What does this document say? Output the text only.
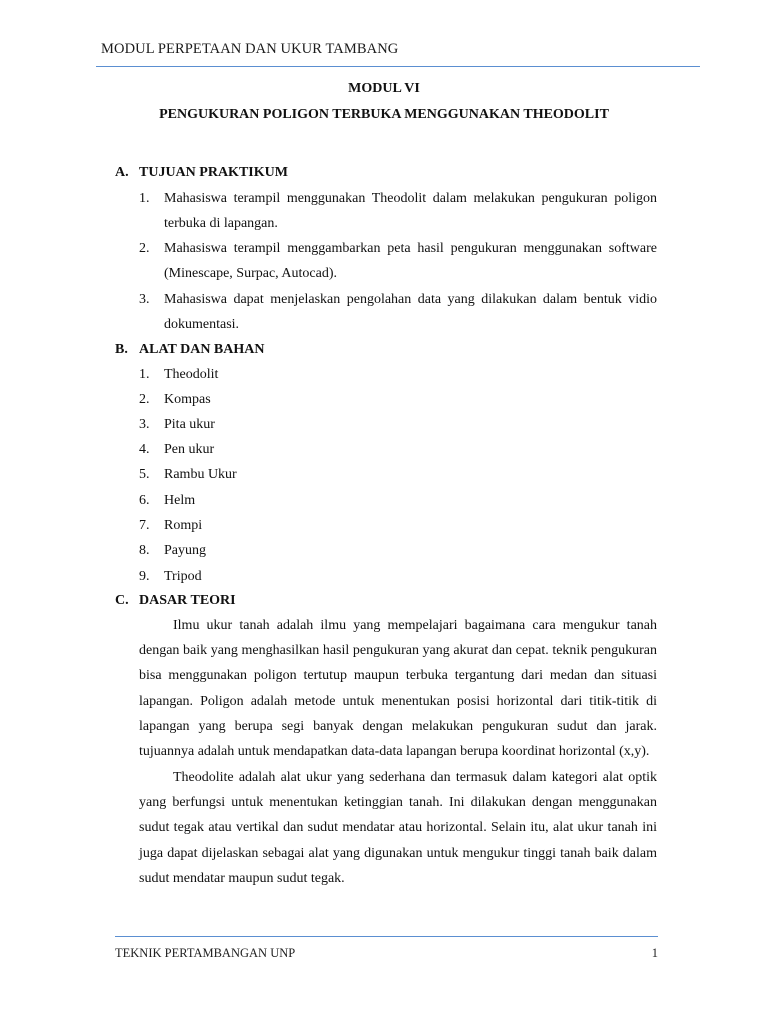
MODUL PERPETAAN DAN UKUR TAMBANG
MODUL VI
PENGUKURAN POLIGON TERBUKA MENGGUNAKAN THEODOLIT
A. TUJUAN PRAKTIKUM
1. Mahasiswa terampil menggunakan Theodolit dalam melakukan pengukuran poligon terbuka di lapangan.
2. Mahasiswa terampil menggambarkan peta hasil pengukuran menggunakan software (Minescape, Surpac, Autocad).
3. Mahasiswa dapat menjelaskan pengolahan data yang dilakukan dalam bentuk vidio dokumentasi.
B. ALAT DAN BAHAN
1. Theodolit
2. Kompas
3. Pita ukur
4. Pen ukur
5. Rambu Ukur
6. Helm
7. Rompi
8. Payung
9. Tripod
C. DASAR TEORI

Ilmu ukur tanah adalah ilmu yang mempelajari bagaimana cara mengukur tanah dengan baik yang menghasilkan hasil pengukuran yang akurat dan cepat. teknik pengukuran bisa menggunakan poligon tertutup maupun terbuka tergantung dari medan dan situasi lapangan. Poligon adalah metode untuk menentukan posisi horizontal dari titik-titik di lapangan yang berupa segi banyak dengan melakukan pengukuran sudut dan jarak. tujuannya adalah untuk mendapatkan data-data lapangan berupa koordinat horizontal (x,y).

Theodolite adalah alat ukur yang sederhana dan termasuk dalam kategori alat optik yang berfungsi untuk menentukan ketinggian tanah. Ini dilakukan dengan menggunakan sudut tegak atau vertikal dan sudut mendatar atau horizontal. Selain itu, alat ukur tanah ini juga dapat dijelaskan sebagai alat yang digunakan untuk mengukur tinggi tanah baik dalam sudut mendatar maupun sudut tegak.

TEKNIK PERTAMBANGAN UNP	1
